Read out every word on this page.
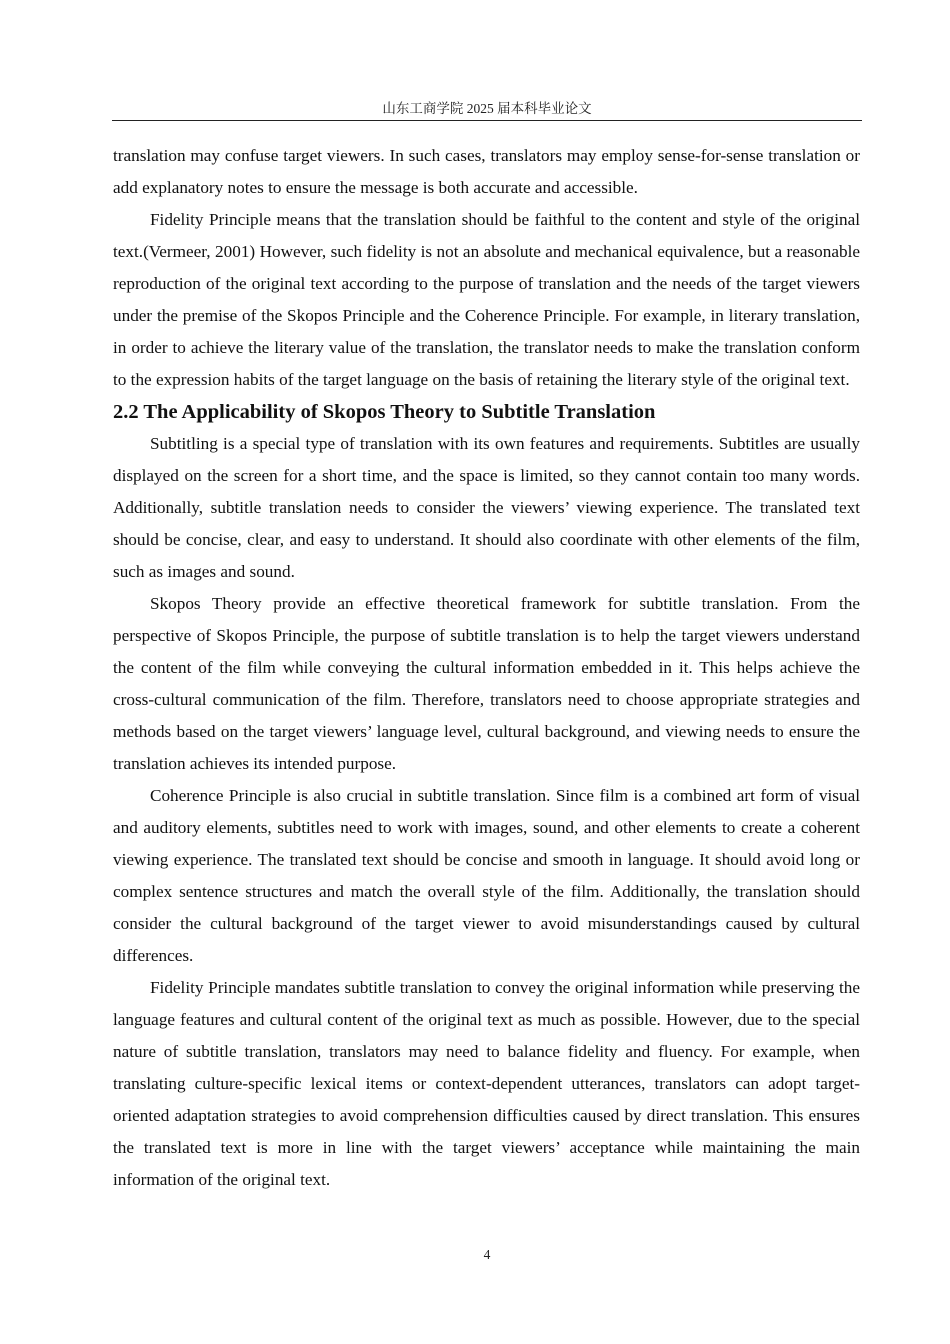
山东工商学院 2025 届本科毕业论文

translation may confuse target viewers. In such cases, translators may employ sense-for-sense translation or add explanatory notes to ensure the message is both accurate and accessible.

Fidelity Principle means that the translation should be faithful to the content and style of the original text.(Vermeer, 2001) However, such fidelity is not an absolute and mechanical equivalence, but a reasonable reproduction of the original text according to the purpose of translation and the needs of the target viewers under the premise of the Skopos Principle and the Coherence Principle. For example, in literary translation, in order to achieve the literary value of the translation, the translator needs to make the translation conform to the expression habits of the target language on the basis of retaining the literary style of the original text.

2.2 The Applicability of Skopos Theory to Subtitle Translation

Subtitling is a special type of translation with its own features and requirements. Subtitles are usually displayed on the screen for a short time, and the space is limited, so they cannot contain too many words. Additionally, subtitle translation needs to consider the viewers’ viewing experience. The translated text should be concise, clear, and easy to understand. It should also coordinate with other elements of the film, such as images and sound.

Skopos Theory provide an effective theoretical framework for subtitle translation. From the perspective of Skopos Principle, the purpose of subtitle translation is to help the target viewers understand the content of the film while conveying the cultural information embedded in it. This helps achieve the cross-cultural communication of the film. Therefore, translators need to choose appropriate strategies and methods based on the target viewers’ language level, cultural background, and viewing needs to ensure the translation achieves its intended purpose.

Coherence Principle is also crucial in subtitle translation. Since film is a combined art form of visual and auditory elements, subtitles need to work with images, sound, and other elements to create a coherent viewing experience. The translated text should be concise and smooth in language. It should avoid long or complex sentence structures and match the overall style of the film. Additionally, the translation should consider the cultural background of the target viewer to avoid misunderstandings caused by cultural differences.

Fidelity Principle mandates subtitle translation to convey the original information while preserving the language features and cultural content of the original text as much as possible. However, due to the special nature of subtitle translation, translators may need to balance fidelity and fluency. For example, when translating culture-specific lexical items or context-dependent utterances, translators can adopt target-oriented adaptation strategies to avoid comprehension difficulties caused by direct translation. This ensures the translated text is more in line with the target viewers’ acceptance while maintaining the main information of the original text.

4
